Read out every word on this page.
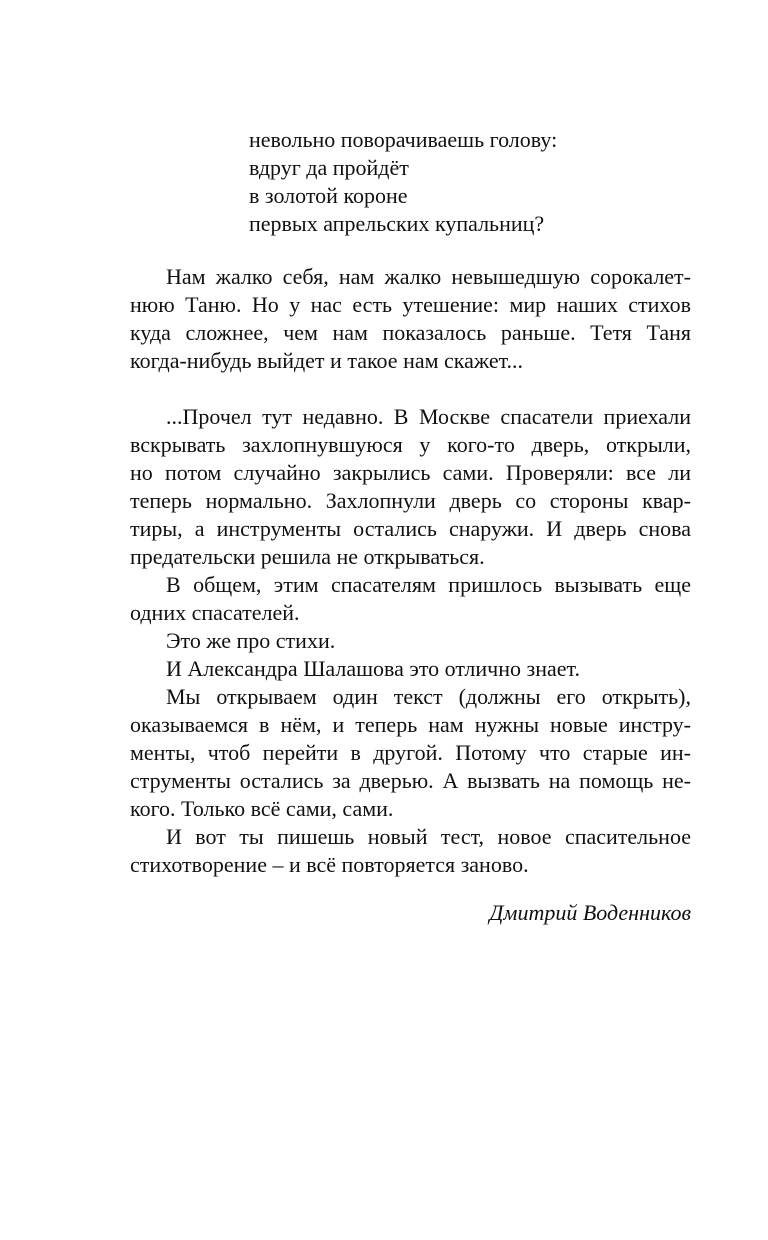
невольно поворачиваешь голову:
вдруг да пройдёт
в золотой короне
первых апрельских купальниц?
Нам жалко себя, нам жалко невышедшую сорокалет-
нюю Таню. Но у нас есть утешение: мир наших стихов
куда сложнее, чем нам показалось раньше. Тетя Таня
когда-нибудь выйдет и такое нам скажет...
...Прочел тут недавно. В Москве спасатели приехали
вскрывать захлопнувшуюся у кого-то дверь, открыли,
но потом случайно закрылись сами. Проверяли: все ли
теперь нормально. Захлопнули дверь со стороны квар-
тиры, а инструменты остались снаружи. И дверь снова
предательски решила не открываться.
В общем, этим спасателям пришлось вызывать еще
одних спасателей.
Это же про стихи.
И Александра Шалашова это отлично знает.
Мы открываем один текст (должны его открыть),
оказываемся в нём, и теперь нам нужны новые инстру-
менты, чтоб перейти в другой. Потому что старые ин-
струменты остались за дверью. А вызвать на помощь не-
кого. Только всё сами, сами.
И вот ты пишешь новый тест, новое спасительное
стихотворение – и всё повторяется заново.
Дмитрий Воденников
